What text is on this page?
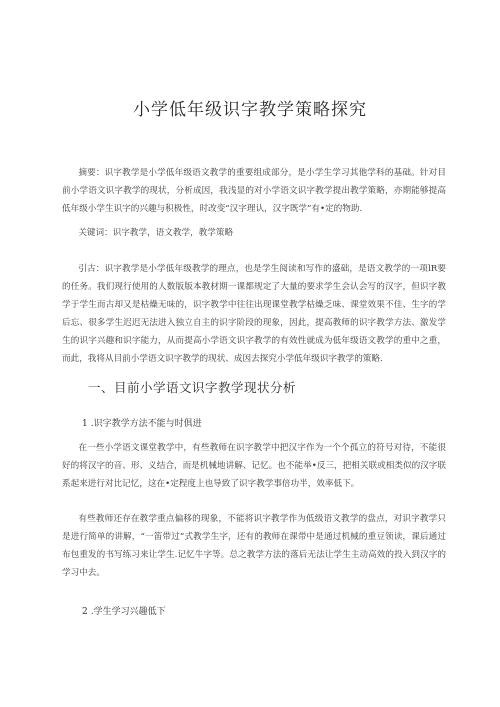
小学低年级识字教学策略探究
摘要：识字教学是小学低年级语文教学的重要组成部分，是小学生学习其他学科的基础。针对目前小学语文识字教学的现状，分析成因，我浅显的对小学语文识字教学提出教学策略，亦期能够提高低年级小学生识字的兴趣与积极性，时改变“汉字理认，汉字既学”有•定的物助.
关键词：识字教学，语文教学，教学策略
引古：识字教学是小学低年级教学的理点，也是学生阅读和写作的盛础，是语文教学的一项lR要的任务。我们现行使用的人数版版本教材期一课都规定了大量的要求学生会认会写的汉字，但识字教学于学生而古却又是枯燥无味的，识字教学中往往出现课堂教学枯燥乏味、课堂效果不佳、生字的学后忘、很多学生迟迟无法进入独立自主的识字阶段的现象，因此，提高教师的识字教学方法、激发学生的识字兴趣和识字能力，从而提高小学语文识字教学的有效性就成为低年级语文教学的重中之重，而此，我将从目前小学语文识字教学的现状、成因去探究小学低年级识字教学的策略.
一、目前小学语文识字教学现状分析
1 .识字教学方法不能与时俱进
在一些小学语文课堂教学中，有些教师在识字教学中把汉字作为一个个孤立的符号对待，不能很好的将汉字的音、形、义结合，而是机械地讲解、记忆。也不能举•反三，把相关联或相类似的汉字联系起来进行对比记忆，这在•定程度上也导致了识字教学事倍功半，效率低下。
有些教师还存在教学重点偏移的现象，不能将识字教学作为低级语文教学的盘点，对识字教学只是进行简单的讲解，“一笛带过“式教学生字，还有的教师在课带中是通过机械的重豆领读，课后通过布包重发的书写练习来让学生.记忆牛字等。总之教学方法的落后无法让学生主动高效的投入到汉字的学习中去。
2 .学生学习兴趣低下
